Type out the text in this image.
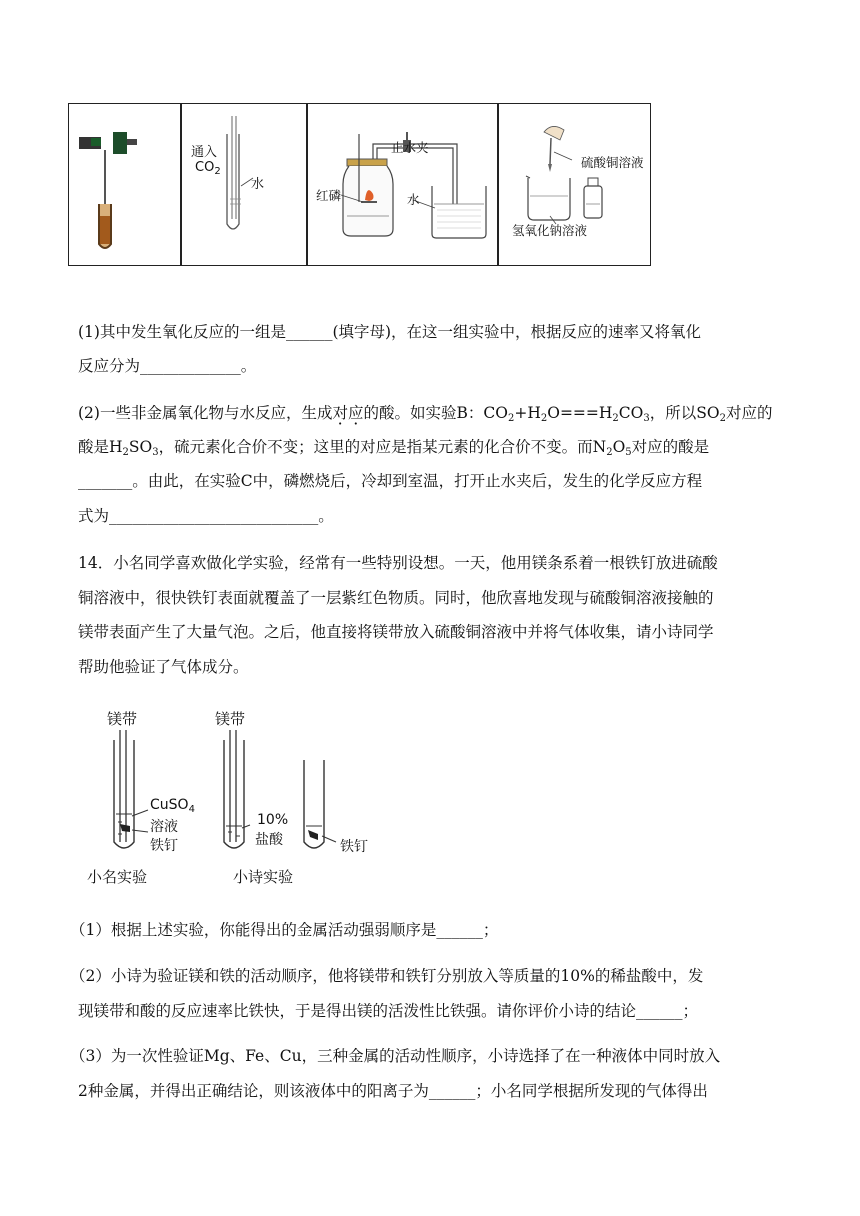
通入
$CO_2$
水
止水夹
红磷	水
硫酸铜溶液
氢氧化钠溶液
(1)其中发生氧化反应的一组是______(填字母)，在这一组实验中，根据反应的速率又将氧化
反应分为_____________。
(2)一些非金属氧化物与水反应，生成对应的酸。如实验B：$CO_2+H_2O===H_2CO_3$，所以$SO_2$对应的
酸是$H_2SO_3$，硫元素化合价不变；这里的对应是指某元素的化合价不变。而$N_2O_5$对应的酸是
_______。由此，在实验C中，磷燃烧后，冷却到室温，打开止水夹后，发生的化学反应方程
式为___________________________。
14．小名同学喜欢做化学实验，经常有一些特别设想。一天，他用镁条系着一根铁钉放进硫酸
铜溶液中，很快铁钉表面就覆盖了一层紫红色物质。同时，他欣喜地发现与硫酸铜溶液接触的
镁带表面产生了大量气泡。之后，他直接将镁带放入硫酸铜溶液中并将气体收集，请小诗同学
帮助他验证了气体成分。
镁带	镁带
CuSO$_4$
溶液
铁钉
10%
盐酸	铁钉
小名实验	小诗实验
（1）根据上述实验，你能得出的金属活动强弱顺序是______；
（2）小诗为验证镁和铁的活动顺序，他将镁带和铁钉分别放入等质量的10%的稀盐酸中，发
现镁带和酸的反应速率比铁快，于是得出镁的活泼性比铁强。请你评价小诗的结论______；
（3）为一次性验证Mg、Fe、Cu，三种金属的活动性顺序，小诗选择了在一种液体中同时放入
2种金属，并得出正确结论，则该液体中的阳离子为______；小名同学根据所发现的气体得出
